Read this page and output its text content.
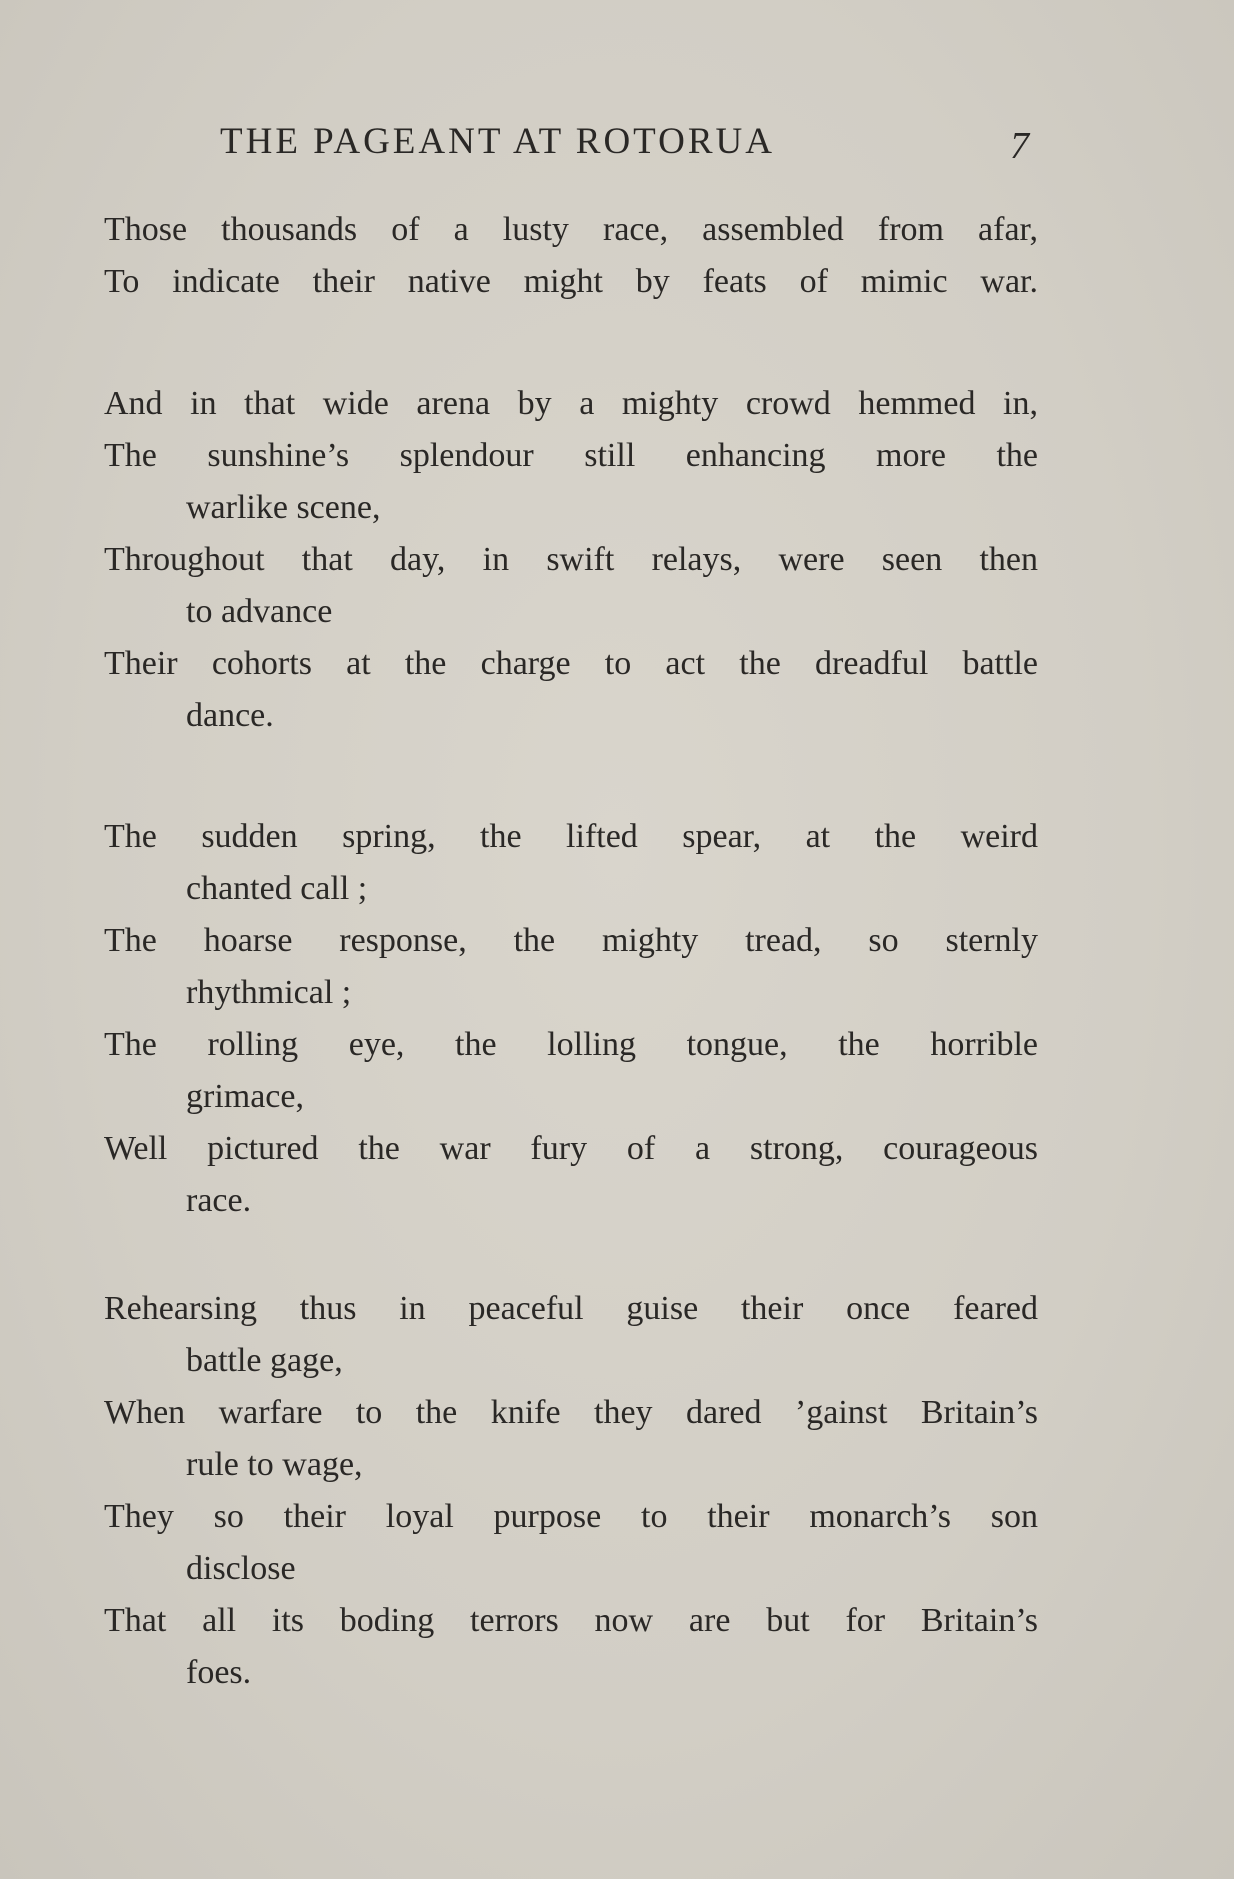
THE PAGEANT AT ROTORUA	7
Those thousands of a lusty race, assembled from afar,
To indicate their native might by feats of mimic war.
And in that wide arena by a mighty crowd hemmed in,
The sunshine’s splendour still enhancing more the
warlike scene,
Throughout that day, in swift relays, were seen then
to advance
Their cohorts at the charge to act the dreadful battle
dance.
The sudden spring, the lifted spear, at the weird
chanted call ;
The hoarse response, the mighty tread, so sternly
rhythmical ;
The rolling eye, the lolling tongue, the horrible
grimace,
Well pictured the war fury of a strong, courageous
race.
Rehearsing thus in peaceful guise their once feared
battle gage,
When warfare to the knife they dared ’gainst Britain’s
rule to wage,
They so their loyal purpose to their monarch’s son
disclose
That all its boding terrors now are but for Britain’s
foes.
